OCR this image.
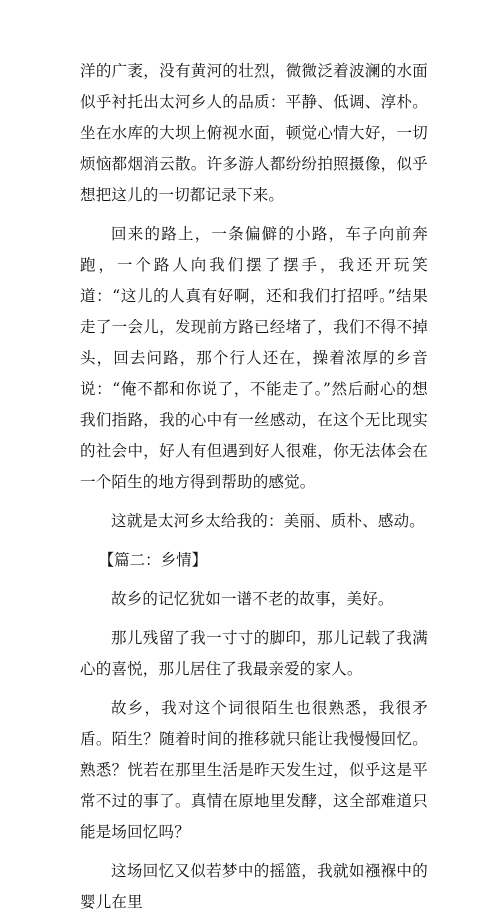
洋的广袤，没有黄河的壮烈，微微泛着波澜的水面似乎衬托出太河乡人的品质：平静、低调、淳朴。坐在水库的大坝上俯视水面，顿觉心情大好，一切烦恼都烟消云散。许多游人都纷纷拍照摄像，似乎想把这儿的一切都记录下来。

回来的路上，一条偏僻的小路，车子向前奔跑，一个路人向我们摆了摆手，我还开玩笑道：“这儿的人真有好啊，还和我们打招呼。”结果走了一会儿，发现前方路已经堵了，我们不得不掉头，回去问路，那个行人还在，操着浓厚的乡音说：“俺不都和你说了，不能走了。”然后耐心的想我们指路，我的心中有一丝感动，在这个无比现实的社会中，好人有但遇到好人很难，你无法体会在一个陌生的地方得到帮助的感觉。

这就是太河乡太给我的：美丽、质朴、感动。

【篇二：乡情】

故乡的记忆犹如一谱不老的故事，美好。

那儿残留了我一寸寸的脚印，那儿记载了我满心的喜悦，那儿居住了我最亲爱的家人。

故乡，我对这个词很陌生也很熟悉，我很矛盾。陌生？随着时间的推移就只能让我慢慢回忆。熟悉？恍若在那里生活是昨天发生过，似乎这是平常不过的事了。真情在原地里发酵，这全部难道只能是场回忆吗？

这场回忆又似若梦中的摇篮，我就如襁褓中的婴儿在里
